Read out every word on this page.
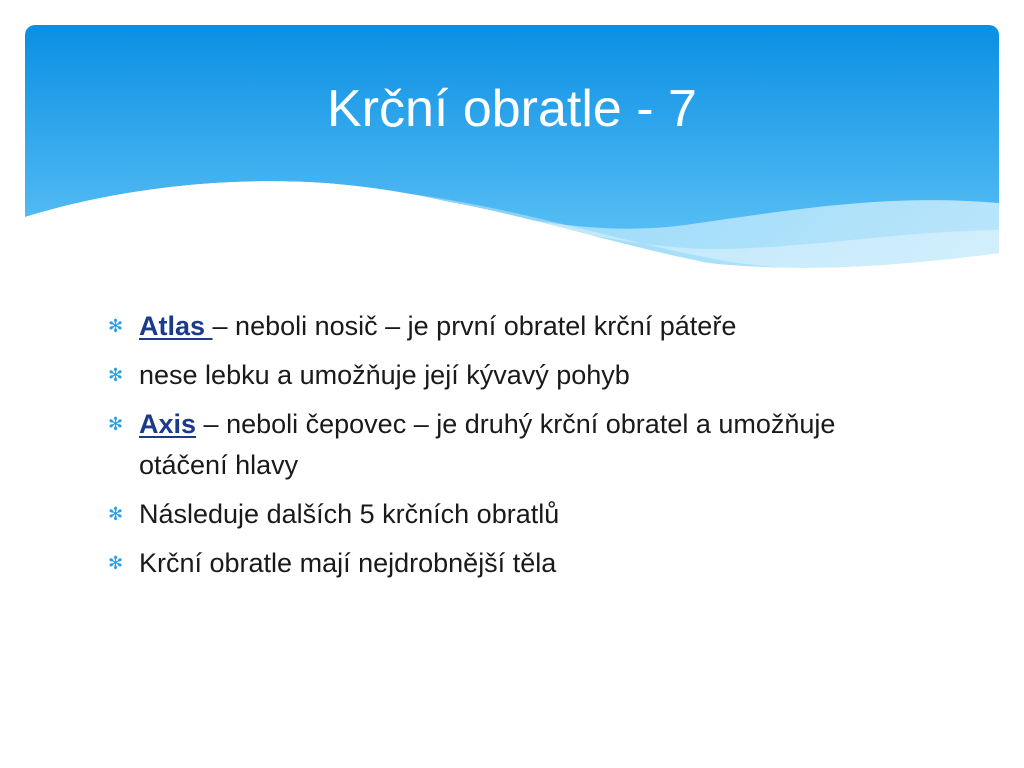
Krční obratle - 7
✻ Atlas – neboli nosič – je první obratel krční páteře
✻ nese lebku a umožňuje její kývavý pohyb
✻ Axis – neboli čepovec – je druhý krční obratel a umožňuje otáčení hlavy
✻ Následuje dalších 5 krčních obratlů
✻ Krční obratle mají nejdrobnější těla
